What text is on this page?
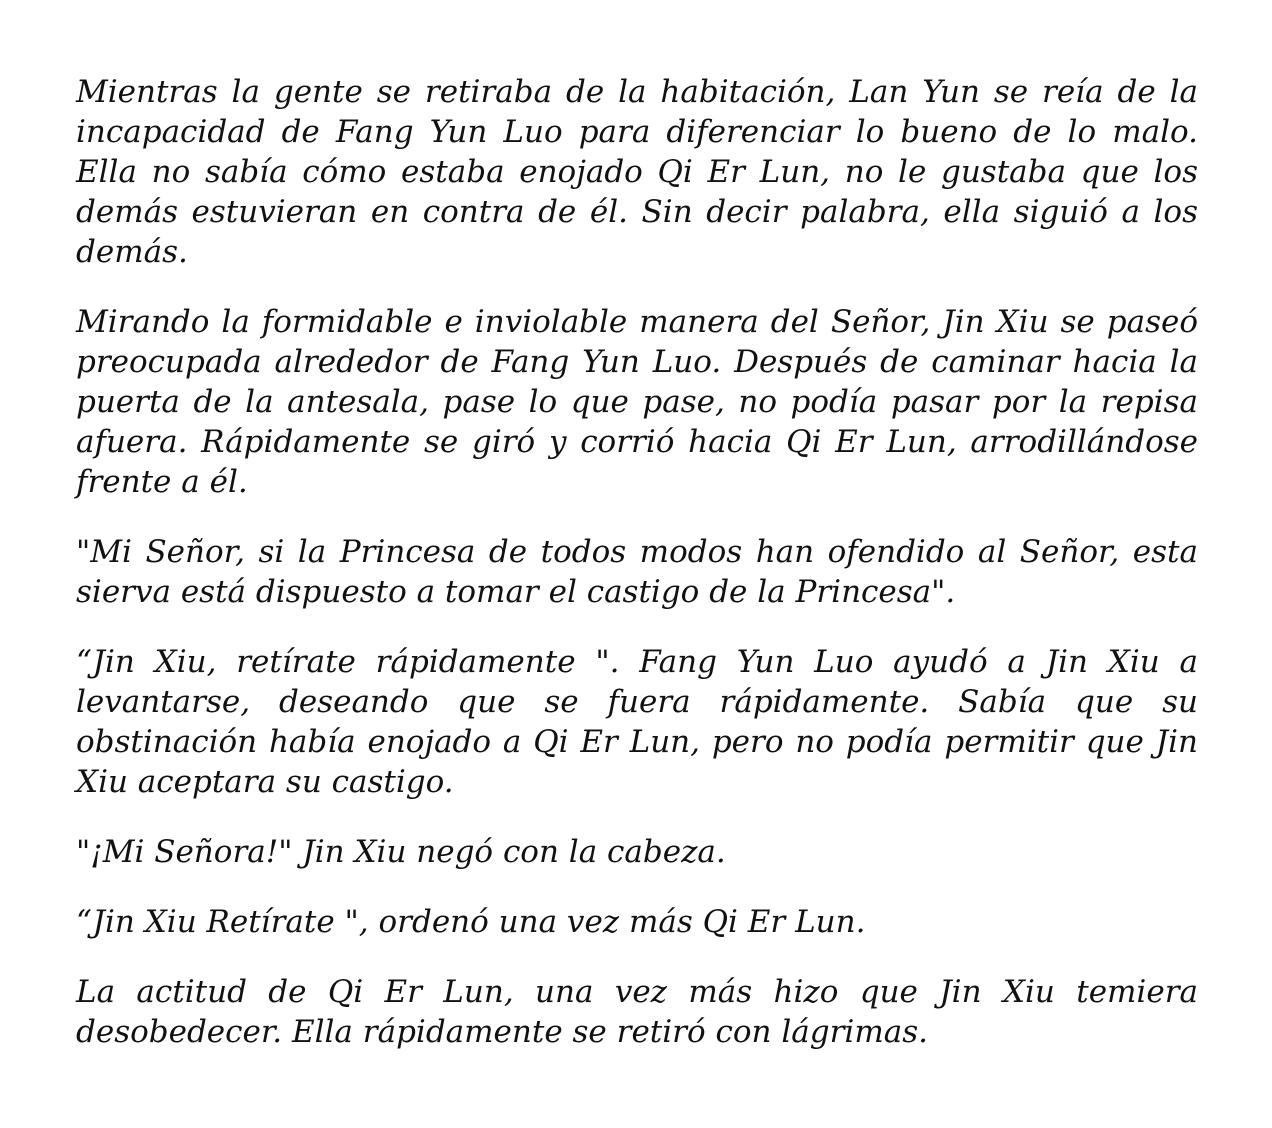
Mientras la gente se retiraba de la habitación, Lan Yun se reía de la incapacidad de Fang Yun Luo para diferenciar lo bueno de lo malo. Ella no sabía cómo estaba enojado Qi Er Lun, no le gustaba que los demás estuvieran en contra de él. Sin decir palabra, ella siguió a los demás.

Mirando la formidable e inviolable manera del Señor, Jin Xiu se paseó preocupada alrededor de Fang Yun Luo. Después de caminar hacia la puerta de la antesala, pase lo que pase, no podía pasar por la repisa afuera. Rápidamente se giró y corrió hacia Qi Er Lun, arrodillándose frente a él.

"Mi Señor, si la Princesa de todos modos han ofendido al Señor, esta sierva está dispuesto a tomar el castigo de la Princesa".

“Jin Xiu, retírate rápidamente ". Fang Yun Luo ayudó a Jin Xiu a levantarse, deseando que se fuera rápidamente. Sabía que su obstinación había enojado a Qi Er Lun, pero no podía permitir que Jin Xiu aceptara su castigo.

"¡Mi Señora!" Jin Xiu negó con la cabeza.

“Jin Xiu Retírate ", ordenó una vez más Qi Er Lun.

La actitud de Qi Er Lun, una vez más hizo que Jin Xiu temiera desobedecer. Ella rápidamente se retiró con lágrimas.
